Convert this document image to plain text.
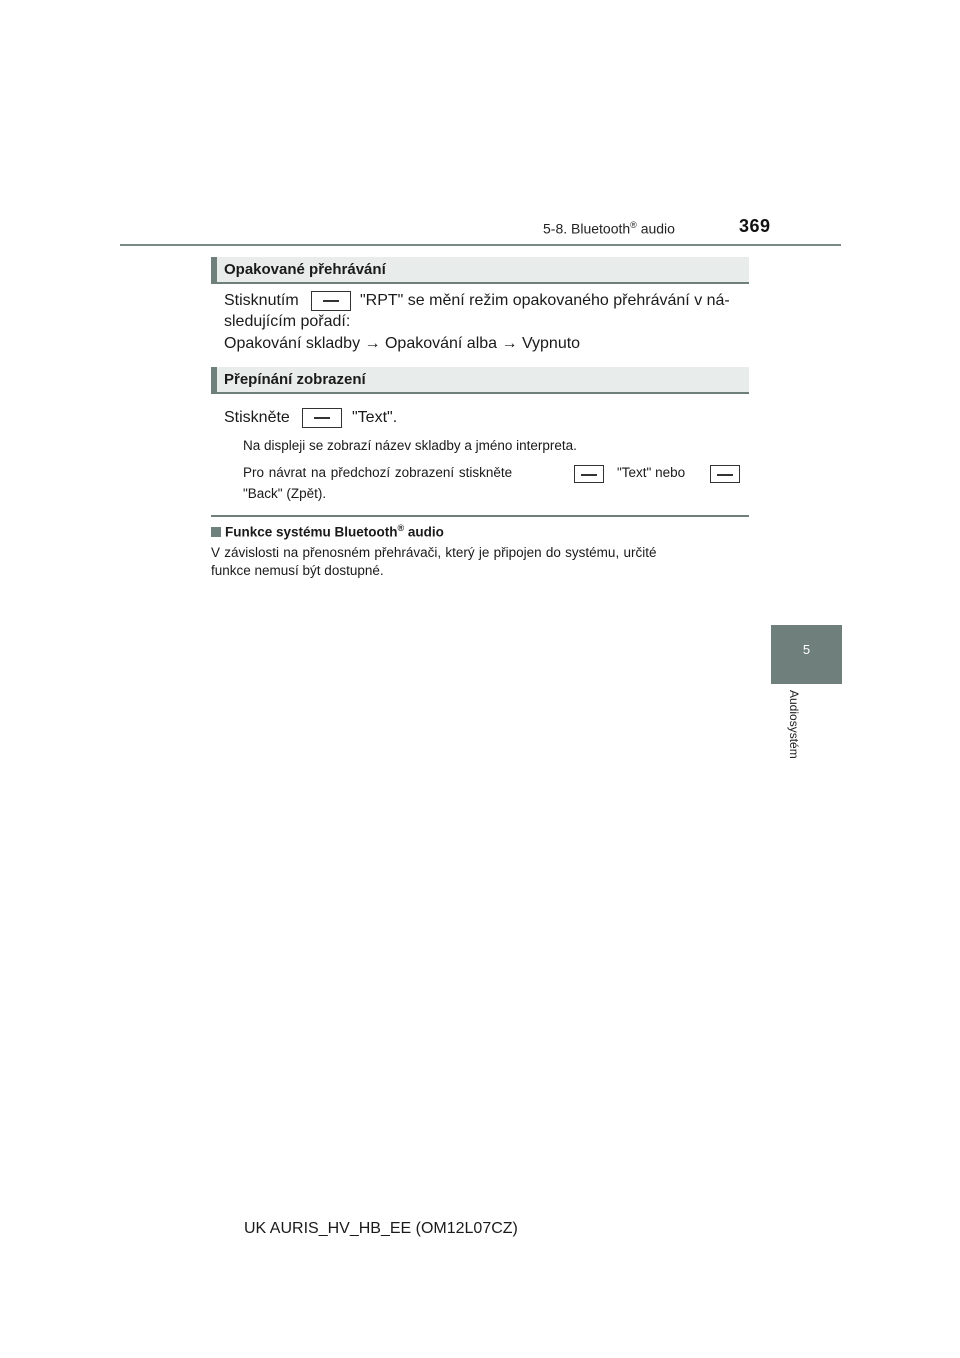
5-8. Bluetooth® audio	369
5
Audiosystém
Opakované přehrávání
Stisknutím	"RPT" se mění režim opakovaného přehrávání v ná-
sledujícím pořadí:
Opakování skladby → Opakování alba → Vypnuto
Přepínání zobrazení
Stiskněte	"Text".
Na displeji se zobrazí název skladby a jméno interpreta.
Pro návrat na předchozí zobrazení stiskněte	"Text" nebo
"Back" (Zpět).
Funkce systému Bluetooth® audio
V závislosti na přenosném přehrávači, který je připojen do systému, určité
funkce nemusí být dostupné.
UK AURIS_HV_HB_EE (OM12L07CZ)
